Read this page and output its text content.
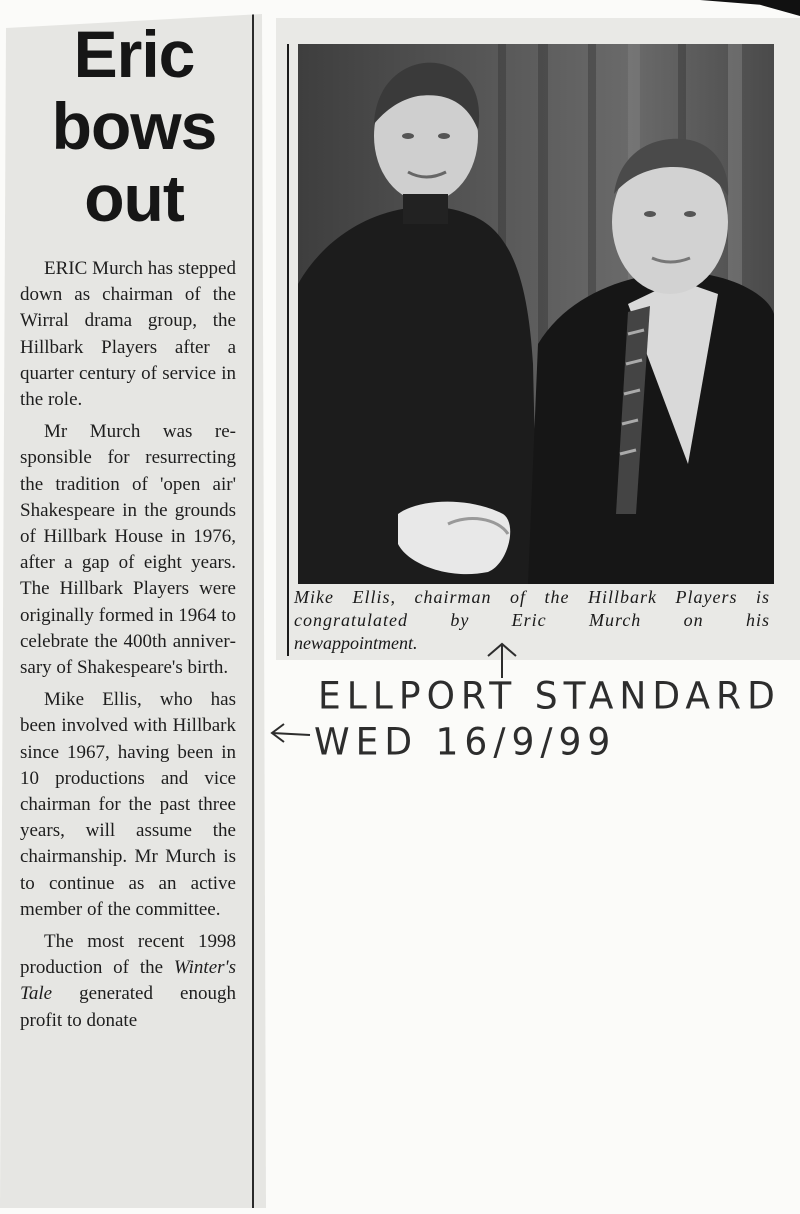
Eric
bows
out

ERIC Murch has stepped down as chairman of the Wirral drama group, the Hillbark Players after a quarter century of service in the role.

Mr Murch was responsible for resurrecting the tradition of 'open air' Shakespeare in the grounds of Hillbark House in 1976, after a gap of eight years. The Hillbark Players were originally formed in 1964 to celebrate the 400th anniversary of Shakespeare's birth.

Mike Ellis, who has been involved with Hillbark since 1967, having been in 10 productions and vice chairman for the past three years, will assume the chairmanship. Mr Murch is to continue as an active member of the committee.

The most recent 1998 production of the Winter's Tale generated enough profit to donate

Mike Ellis, chairman of the Hillbark Players is congratulated by Eric Murch on his
newappointment.
ELLPORT STANDARD
WED 16/9/99
